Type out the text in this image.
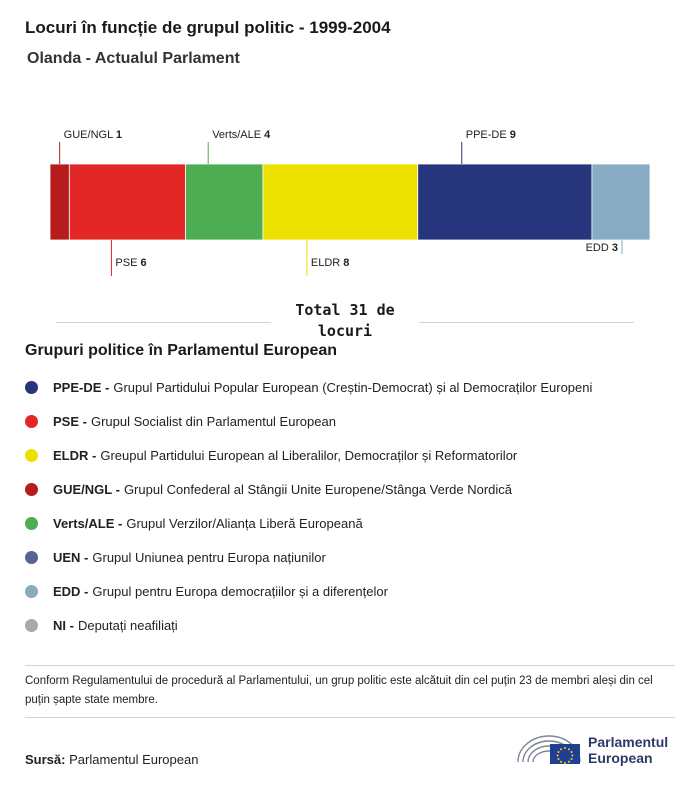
Locuri în funcție de grupul politic - 1999-2004
Olanda - Actualul Parlament
GUE/NGL 1
PSE 6
Verts/ALE 4
ELDR 8
PPE-DE 9
EDD 3
Total 31 de locuri
Grupuri politice în Parlamentul European
PPE-DE - Grupul Partidului Popular European (Creștin-Democrat) și al Democraților Europeni
PSE - Grupul Socialist din Parlamentul European
ELDR - Greupul Partidului European al Liberalilor, Democraților și Reformatorilor
GUE/NGL - Grupul Confederal al Stângii Unite Europene/Stânga Verde Nordică
Verts/ALE - Grupul Verzilor/Alianța Liberă Europeană
UEN - Grupul Uniunea pentru Europa națiunilor
EDD - Grupul pentru Europa democrațiilor și a diferențelor
NI - Deputați neafiliați

Conform Regulamentului de procedură al Parlamentului, un grup politic este alcătuit din cel puțin 23 de membri aleși din cel puțin șapte state membre.

Sursă: Parlamentul European
Parlamentul
European
